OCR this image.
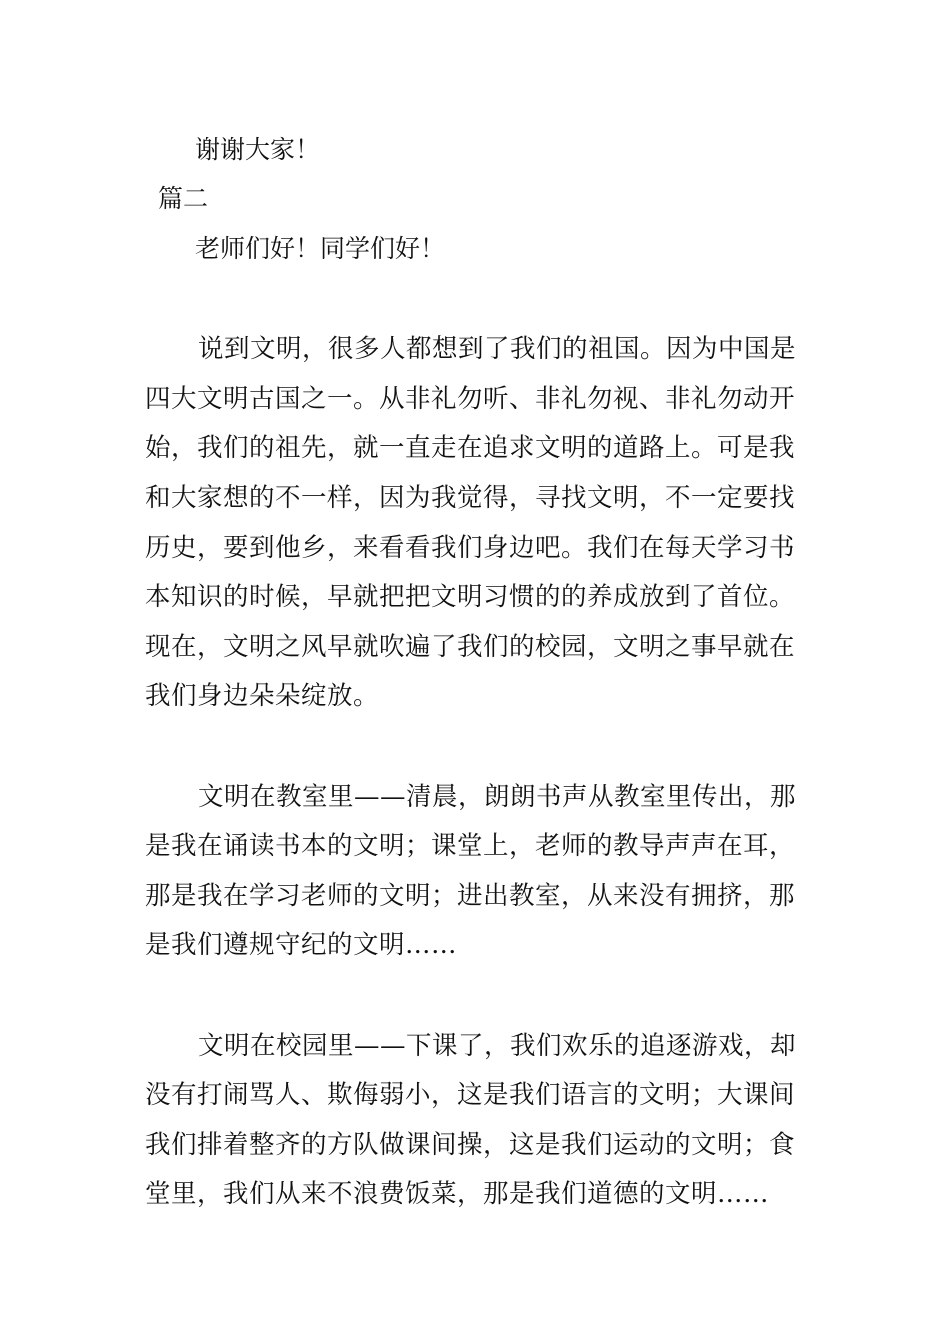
谢谢大家！

篇二

老师们好！同学们好！

说到文明，很多人都想到了我们的祖国。因为中国是

四大文明古国之一。从非礼勿听、非礼勿视、非礼勿动开

始，我们的祖先，就一直走在追求文明的道路上。可是我

和大家想的不一样，因为我觉得，寻找文明，不一定要找

历史，要到他乡，来看看我们身边吧。我们在每天学习书

本知识的时候，早就把把文明习惯的的养成放到了首位。

现在，文明之风早就吹遍了我们的校园，文明之事早就在

我们身边朵朵绽放。

文明在教室里——清晨，朗朗书声从教室里传出，那

是我在诵读书本的文明；课堂上，老师的教导声声在耳，

那是我在学习老师的文明；进出教室，从来没有拥挤，那

是我们遵规守纪的文明……

文明在校园里——下课了，我们欢乐的追逐游戏，却

没有打闹骂人、欺侮弱小，这是我们语言的文明；大课间

我们排着整齐的方队做课间操，这是我们运动的文明；食

堂里，我们从来不浪费饭菜，那是我们道德的文明……
